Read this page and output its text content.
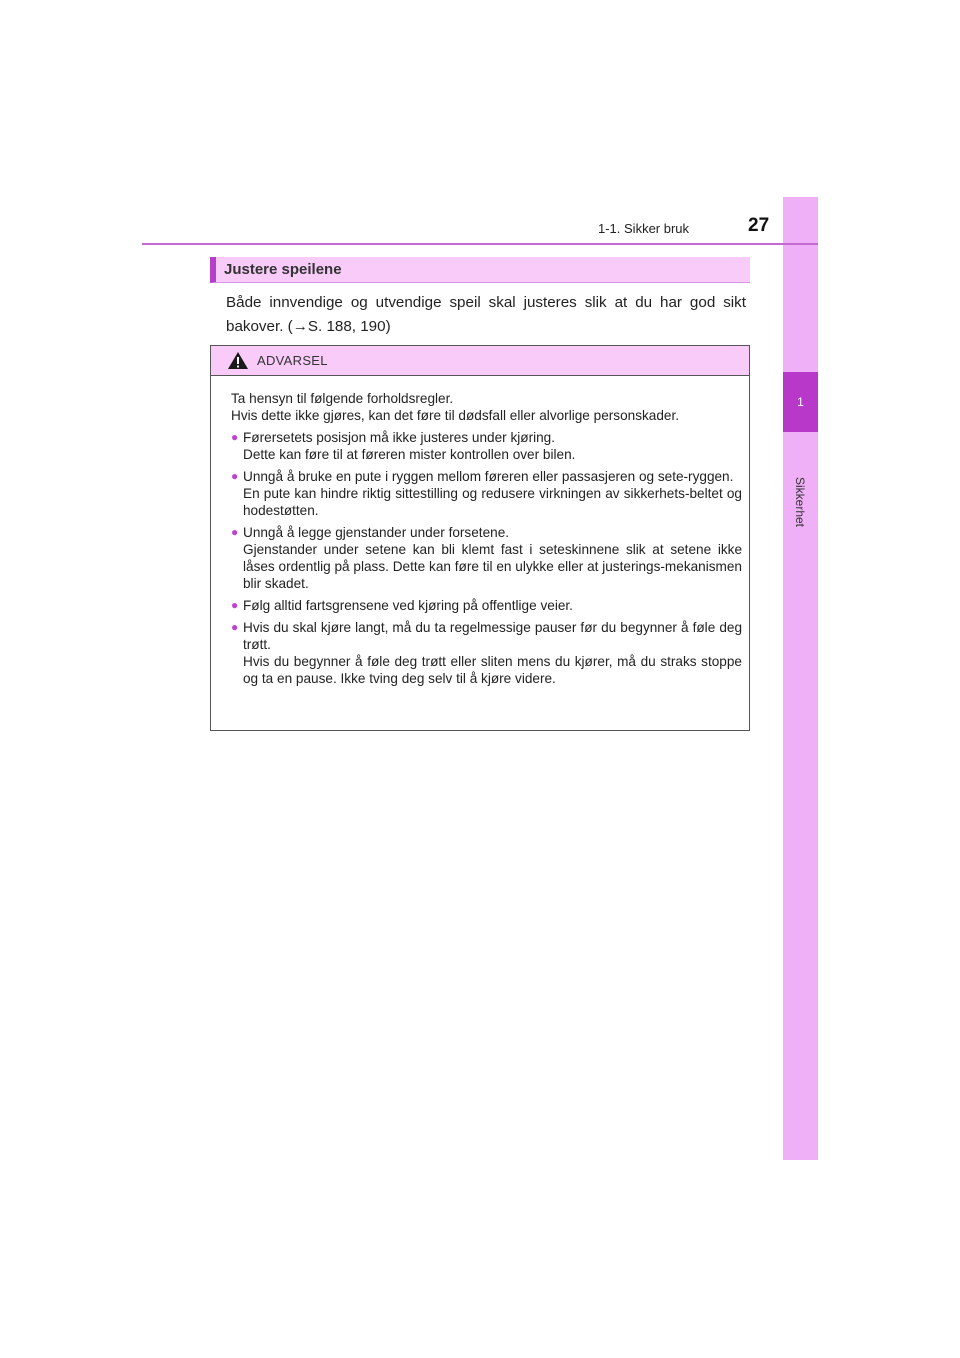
1
Sikkerhet
1-1. Sikker bruk	27
Justere speilene
Både innvendige og utvendige speil skal justeres slik at du har god sikt bakover. (→S. 188, 190)
ADVARSEL

Ta hensyn til følgende forholdsregler.
Hvis dette ikke gjøres, kan det føre til dødsfall eller alvorlige personskader.

● Førersetets posisjon må ikke justeres under kjøring.
Dette kan føre til at føreren mister kontrollen over bilen.
● Unngå å bruke en pute i ryggen mellom føreren eller passasjeren og sete-ryggen.
En pute kan hindre riktig sittestilling og redusere virkningen av sikkerhets-beltet og hodestøtten.
● Unngå å legge gjenstander under forsetene.
Gjenstander under setene kan bli klemt fast i seteskinnene slik at setene ikke låses ordentlig på plass. Dette kan føre til en ulykke eller at justerings-mekanismen blir skadet.
● Følg alltid fartsgrensene ved kjøring på offentlige veier.
● Hvis du skal kjøre langt, må du ta regelmessige pauser før du begynner å føle deg trøtt.
Hvis du begynner å føle deg trøtt eller sliten mens du kjører, må du straks stoppe og ta en pause. Ikke tving deg selv til å kjøre videre.
